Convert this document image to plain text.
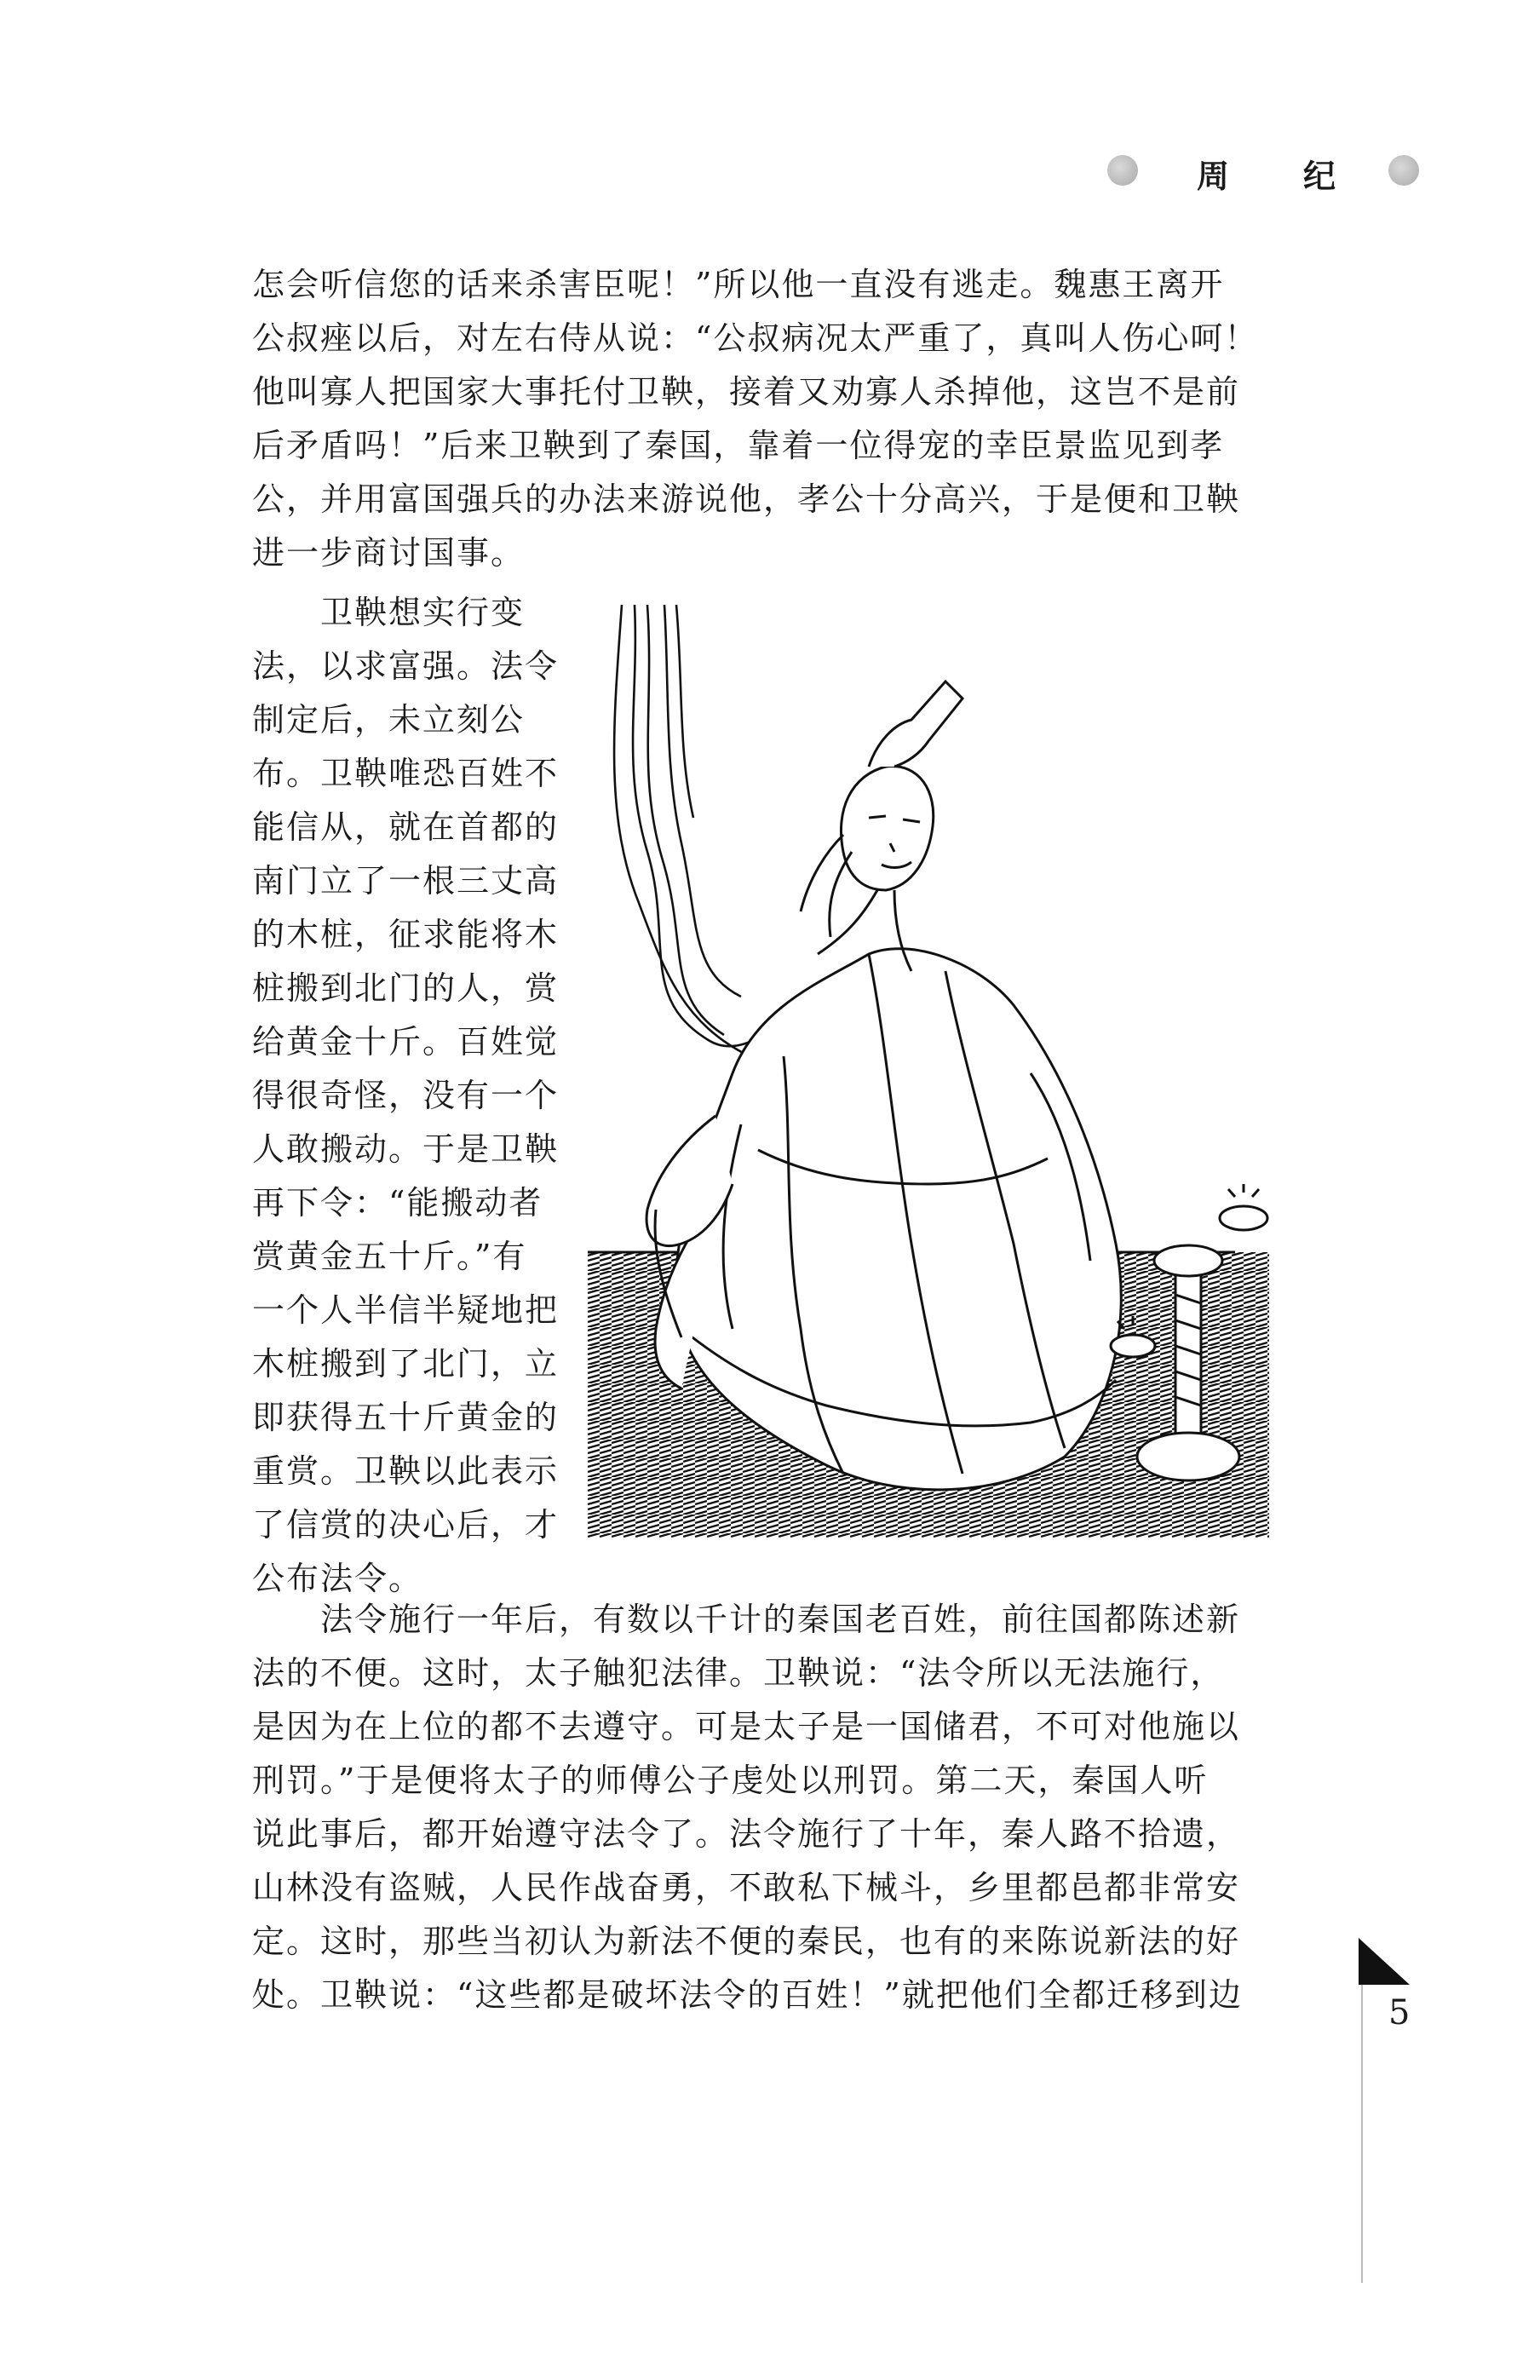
周 纪
怎会听信您的话来杀害臣呢！”所以他一直没有逃走。魏惠王离开
公叔痤以后，对左右侍从说：“公叔病况太严重了，真叫人伤心呵！
他叫寡人把国家大事托付卫鞅，接着又劝寡人杀掉他，这岂不是前
后矛盾吗！”后来卫鞅到了秦国，靠着一位得宠的幸臣景监见到孝
公，并用富国强兵的办法来游说他，孝公十分高兴，于是便和卫鞅
进一步商讨国事。
卫鞅想实行变
法，以求富强。法令
制定后，未立刻公
布。卫鞅唯恐百姓不
能信从，就在首都的
南门立了一根三丈高
的木桩，征求能将木
桩搬到北门的人，赏
给黄金十斤。百姓觉
得很奇怪，没有一个
人敢搬动。于是卫鞅
再下令：“能搬动者
赏黄金五十斤。”有
一个人半信半疑地把
木桩搬到了北门，立
即获得五十斤黄金的
重赏。卫鞅以此表示
了信赏的决心后，才
公布法令。
法令施行一年后，有数以千计的秦国老百姓，前往国都陈述新
法的不便。这时，太子触犯法律。卫鞅说：“法令所以无法施行，
是因为在上位的都不去遵守。可是太子是一国储君，不可对他施以
刑罚。”于是便将太子的师傅公子虔处以刑罚。第二天，秦国人听
说此事后，都开始遵守法令了。法令施行了十年，秦人路不拾遗，
山林没有盗贼，人民作战奋勇，不敢私下械斗，乡里都邑都非常安
定。这时，那些当初认为新法不便的秦民，也有的来陈说新法的好
处。卫鞅说：“这些都是破坏法令的百姓！”就把他们全都迁移到边	5
